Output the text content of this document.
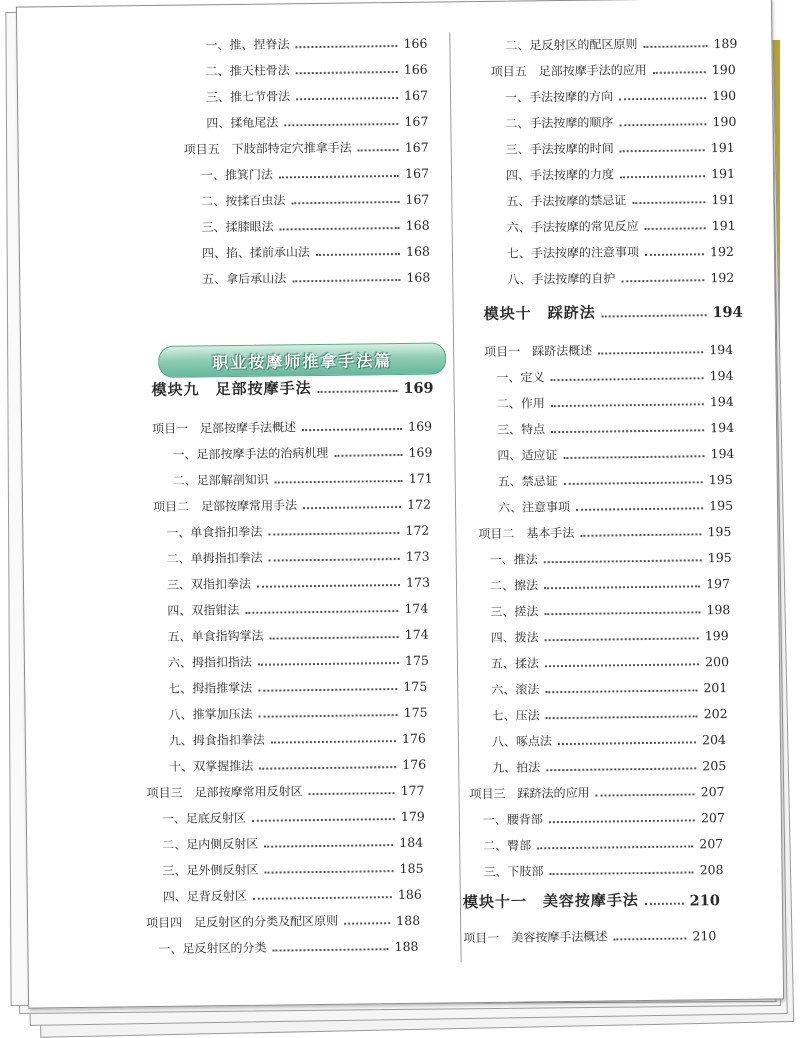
一、推、捏脊法	166
二、推天柱骨法	166
三、推七节骨法	167
四、揉龟尾法	167
项目五　下肢部特定穴推拿手法	167
一、推箕门法	167
二、按揉百虫法	167
三、揉膝眼法	168
四、掐、揉前承山法	168
五、拿后承山法	168
模块九　足部按摩手法	169
项目一　足部按摩手法概述	169
一、足部按摩手法的治病机理	169
二、足部解剖知识	171
项目二　足部按摩常用手法	172
一、单食指扣拳法	172
二、单拇指扣拳法	173
三、双指扣拳法	173
四、双指钳法	174
五、单食指钩掌法	174
六、拇指扣指法	175
七、拇指推掌法	175
八、推掌加压法	175
九、拇食指扣拳法	176
十、双掌握推法	176
项目三　足部按摩常用反射区	177
一、足底反射区	179
二、足内侧反射区	184
三、足外侧反射区	185
四、足背反射区	186
项目四　足反射区的分类及配区原则	188
一、足反射区的分类	188
职业按摩师推拿手法篇
二、足反射区的配区原则	189
项目五　足部按摩手法的应用	190
一、手法按摩的方向	190
二、手法按摩的顺序	190
三、手法按摩的时间	191
四、手法按摩的力度	191
五、手法按摩的禁忌证	191
六、手法按摩的常见反应	191
七、手法按摩的注意事项	192
八、手法按摩的自护	192
模块十　踩跻法	194
项目一　踩跻法概述	194
一、定义	194
二、作用	194
三、特点	194
四、适应证	194
五、禁忌证	195
六、注意事项	195
项目二　基本手法	195
一、推法	195
二、擦法	197
三、搓法	198
四、拨法	199
五、揉法	200
六、滚法	201
七、压法	202
八、啄点法	204
九、拍法	205
项目三　踩跻法的应用	207
一、腰背部	207
二、臀部	207
三、下肢部	208
模块十一　美容按摩手法	210
项目一　美容按摩手法概述	210
